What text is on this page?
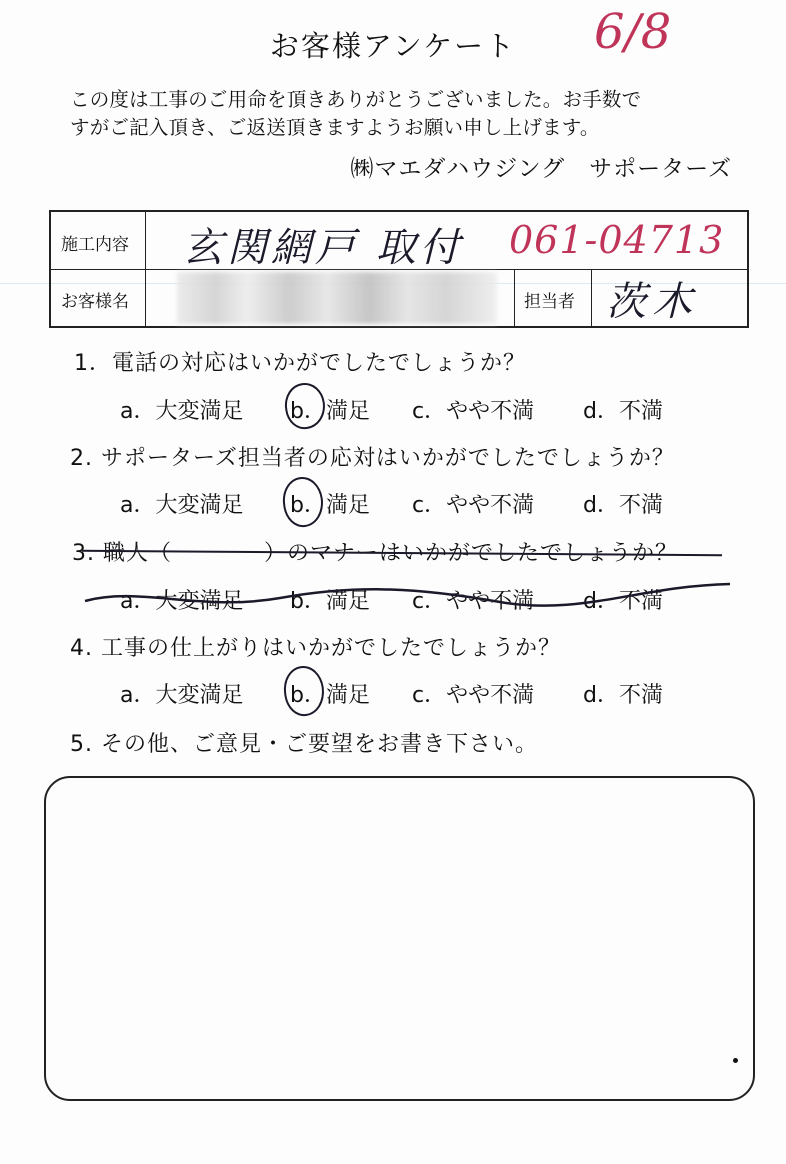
お客様アンケート	6/8
この度は工事のご用命を頂きありがとうございました。お手数で
すがご記入頂き、ご返送頂きますようお願い申し上げます。
㈱マエダハウジング　サポーターズ
施工内容 玄関網戸 取付 061-04713
お客様名	担当者 茨木
1．電話の対応はいかがでしたでしょうか？
a．大変満足 b．満足 c．やや不満 d．不満
2. サポーターズ担当者の応対はいかがでしたでしょうか？
a．大変満足 b．満足 c．やや不満 d．不満
3. 職人（　　　　）のマナーはいかがでしたでしょうか？
a．大変満足 b．満足 c．やや不満 d．不満
4. 工事の仕上がりはいかがでしたでしょうか？
a．大変満足 b．満足 c．やや不満 d．不満
5. その他、ご意見・ご要望をお書き下さい。
